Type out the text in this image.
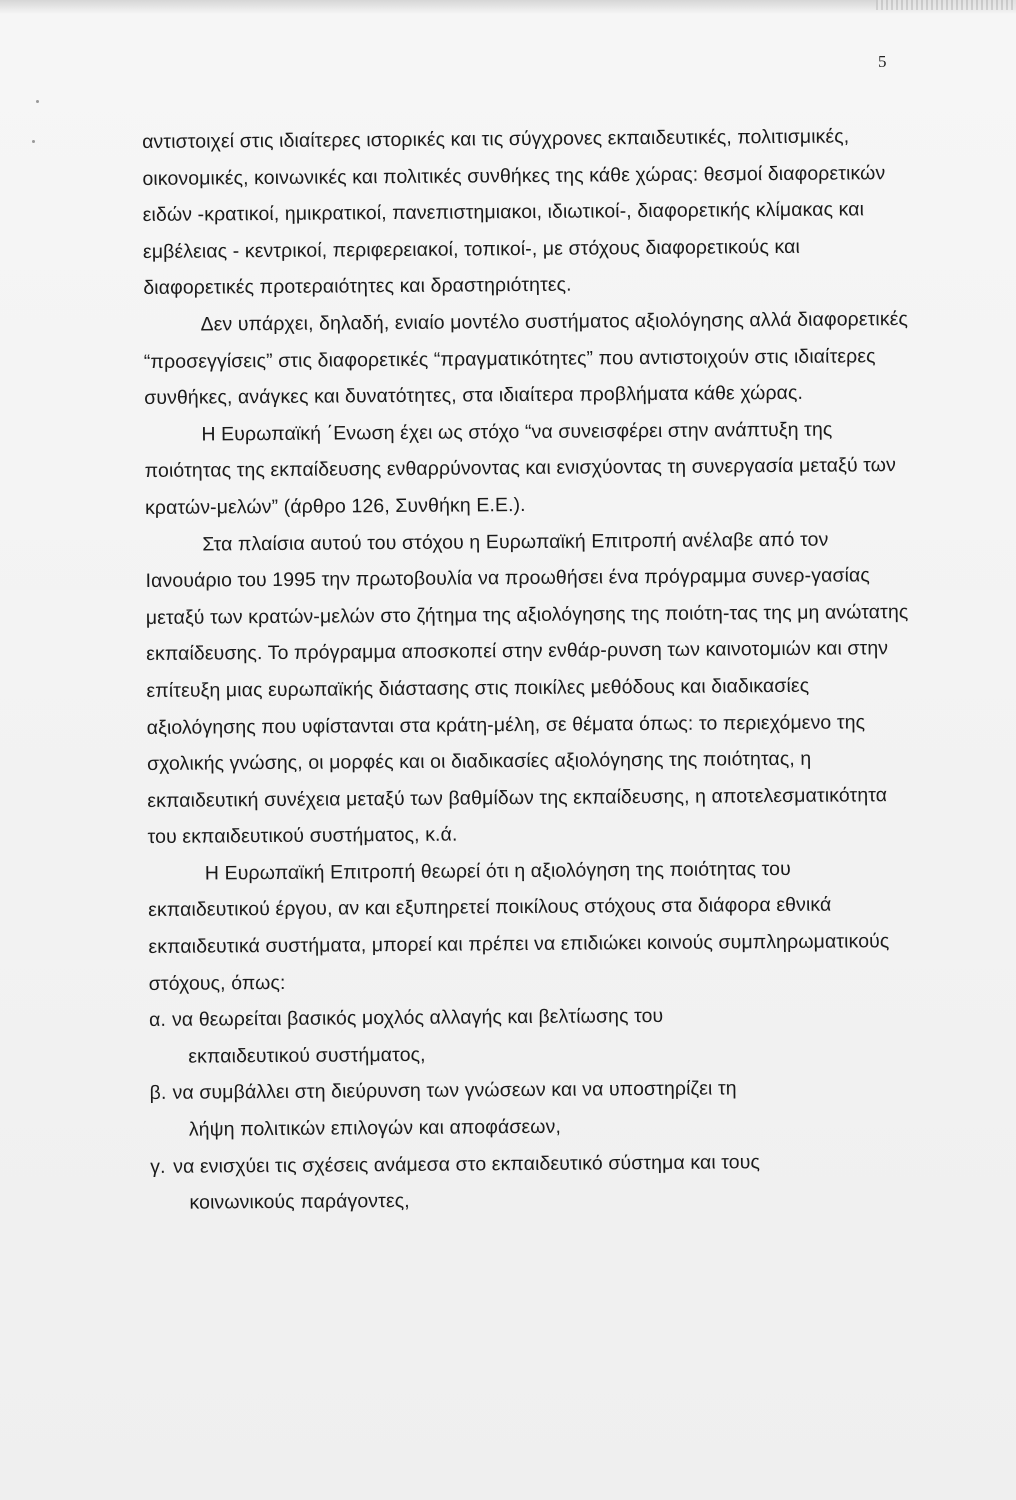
5

αντιστοιχεί στις ιδιαίτερες ιστορικές και τις σύγχρονες εκπαιδευτικές, πολιτισμικές, οικονομικές, κοινωνικές και πολιτικές συνθήκες της κάθε χώρας: θεσμοί διαφορετικών ειδών -κρατικοί, ημικρατικοί, πανεπιστημιακοι, ιδιωτικοί-, διαφορετικής κλίμακας και εμβέλειας - κεντρικοί, περιφερειακοί, τοπικοί-, με στόχους διαφορετικούς και διαφορετικές προτεραιότητες και δραστηριότητες.

Δεν υπάρχει, δηλαδή, ενιαίο μοντέλο συστήματος αξιολόγησης αλλά διαφορετικές “προσεγγίσεις” στις διαφορετικές “πραγματικότητες” που αντιστοιχούν στις ιδιαίτερες συνθήκες, ανάγκες και δυνατότητες, στα ιδιαίτερα προβλήματα κάθε χώρας.

Η Ευρωπαϊκή ΄Ενωση έχει ως στόχο “να συνεισφέρει στην ανάπτυξη της ποιότητας της εκπαίδευσης ενθαρρύνοντας και ενισχύοντας τη συνεργασία μεταξύ των κρατών-μελών” (άρθρο 126, Συνθήκη Ε.Ε.).

Στα πλαίσια αυτού του στόχου η Ευρωπαϊκή Επιτροπή ανέλαβε από τον Ιανουάριο του 1995 την πρωτοβουλία να προωθήσει ένα πρόγραμμα συνερ-γασίας μεταξύ των κρατών-μελών στο ζήτημα της αξιολόγησης της ποιότη-τας της μη ανώτατης εκπαίδευσης. Το πρόγραμμα αποσκοπεί στην ενθάρ-ρυνση των καινοτομιών και στην επίτευξη μιας ευρωπαϊκής διάστασης στις ποικίλες μεθόδους και διαδικασίες αξιολόγησης που υφίστανται στα κράτη-μέλη, σε θέματα όπως: το περιεχόμενο της σχολικής γνώσης, οι μορφές και οι διαδικασίες αξιολόγησης της ποιότητας, η εκπαιδευτική συνέχεια μεταξύ των βαθμίδων της εκπαίδευσης, η αποτελεσματικότητα του εκπαιδευτικού συστήματος, κ.ά.

Η Ευρωπαϊκή Επιτροπή θεωρεί ότι η αξιολόγηση της ποιότητας του εκπαιδευτικού έργου, αν και εξυπηρετεί ποικίλους στόχους στα διάφορα εθνικά εκπαιδευτικά συστήματα, μπορεί και πρέπει να επιδιώκει κοινούς συμπληρωματικούς στόχους, όπως:

α. να θεωρείται βασικός μοχλός αλλαγής και βελτίωσης του
εκπαιδευτικού συστήματος,
β. να συμβάλλει στη διεύρυνση των γνώσεων και να υποστηρίζει τη
λήψη πολιτικών επιλογών και αποφάσεων,
γ. να ενισχύει τις σχέσεις ανάμεσα στο εκπαιδευτικό σύστημα και τους
κοινωνικούς παράγοντες,
